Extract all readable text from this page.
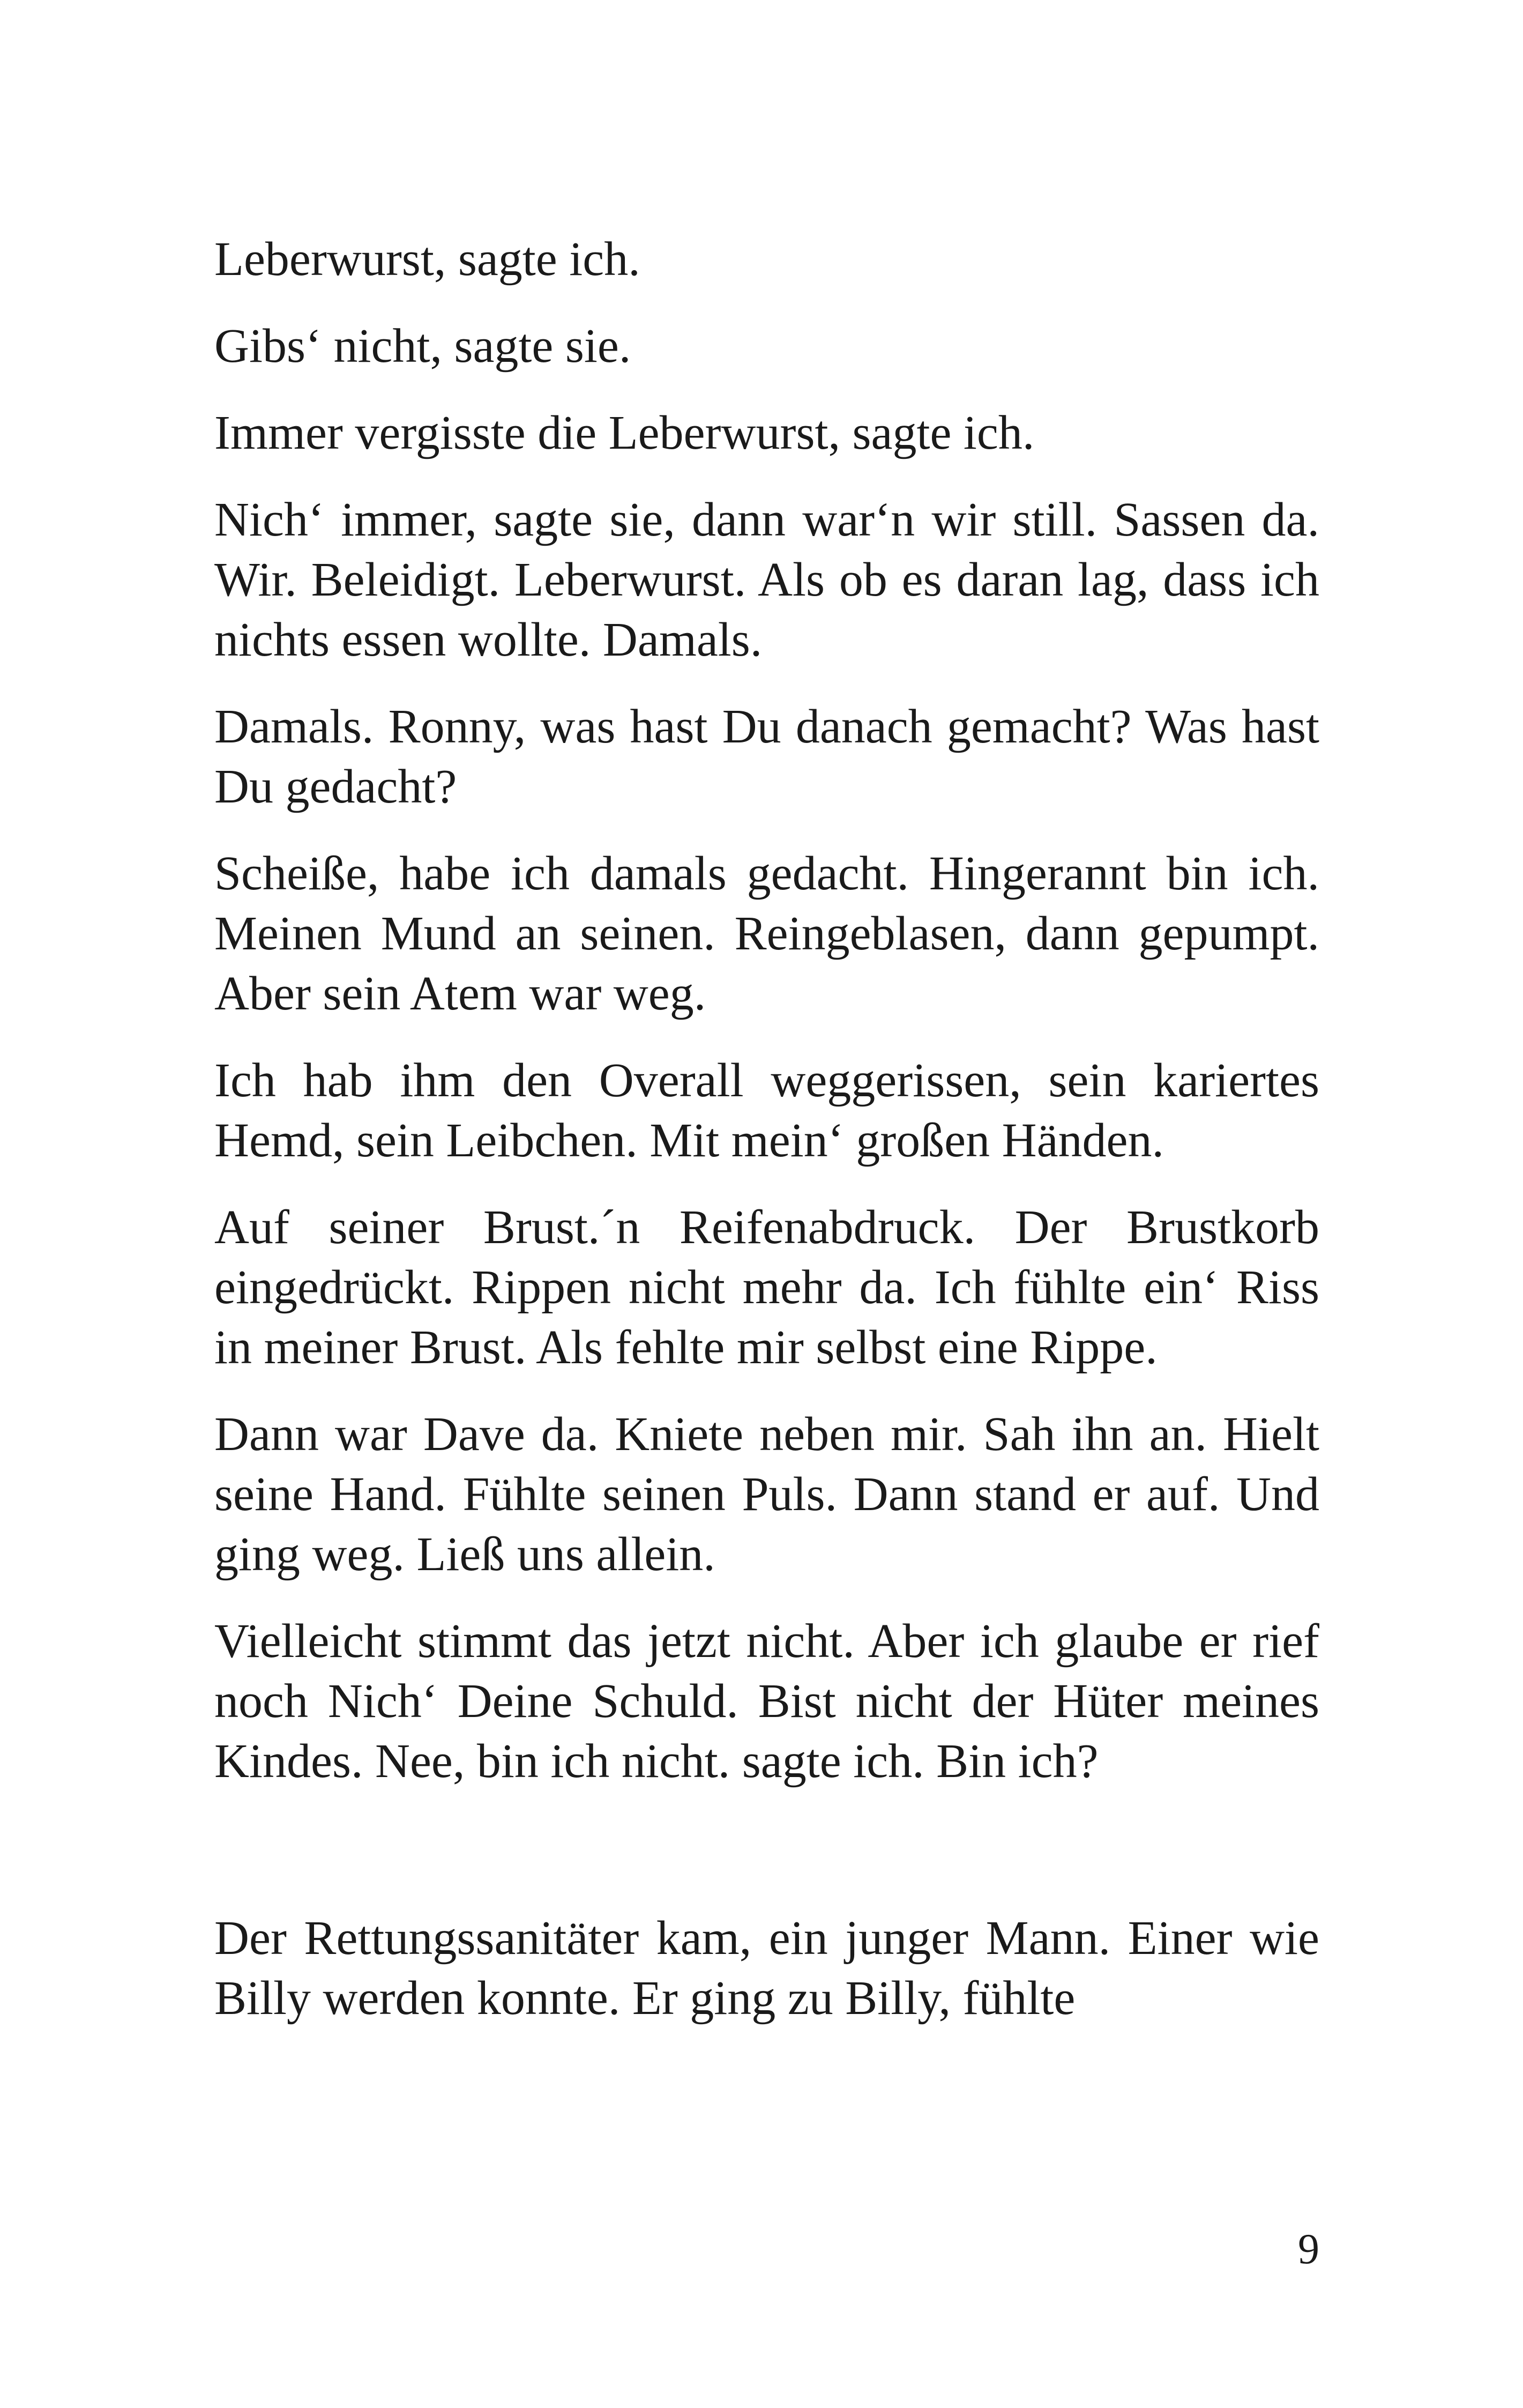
Leberwurst, sagte ich.

Gibs‘ nicht, sagte sie.

Immer vergisste die Leberwurst, sagte ich.

Nich‘ immer, sagte sie, dann war‘n wir still. Sassen da. Wir. Beleidigt. Leberwurst. Als ob es daran lag, dass ich nichts essen wollte. Damals.

Damals. Ronny, was hast Du danach gemacht? Was hast Du gedacht?

Scheiße, habe ich damals gedacht. Hingerannt bin ich. Meinen Mund an seinen. Reingeblasen, dann gepumpt. Aber sein Atem war weg.

Ich hab ihm den Overall weggerissen, sein kariertes Hemd, sein Leibchen. Mit mein‘ großen Händen.

Auf seiner Brust.´n Reifenabdruck. Der Brustkorb eingedrückt. Rippen nicht mehr da. Ich fühlte ein‘ Riss in meiner Brust. Als fehlte mir selbst eine Rippe.

Dann war Dave da. Kniete neben mir. Sah ihn an. Hielt seine Hand. Fühlte seinen Puls. Dann stand er auf. Und ging weg. Ließ uns allein.

Vielleicht stimmt das jetzt nicht. Aber ich glaube er rief noch Nich‘ Deine Schuld. Bist nicht der Hüter meines Kindes. Nee, bin ich nicht. sagte ich. Bin ich?

Der Rettungssanitäter kam, ein junger Mann. Einer wie Billy werden konnte. Er ging zu Billy, fühlte

9
